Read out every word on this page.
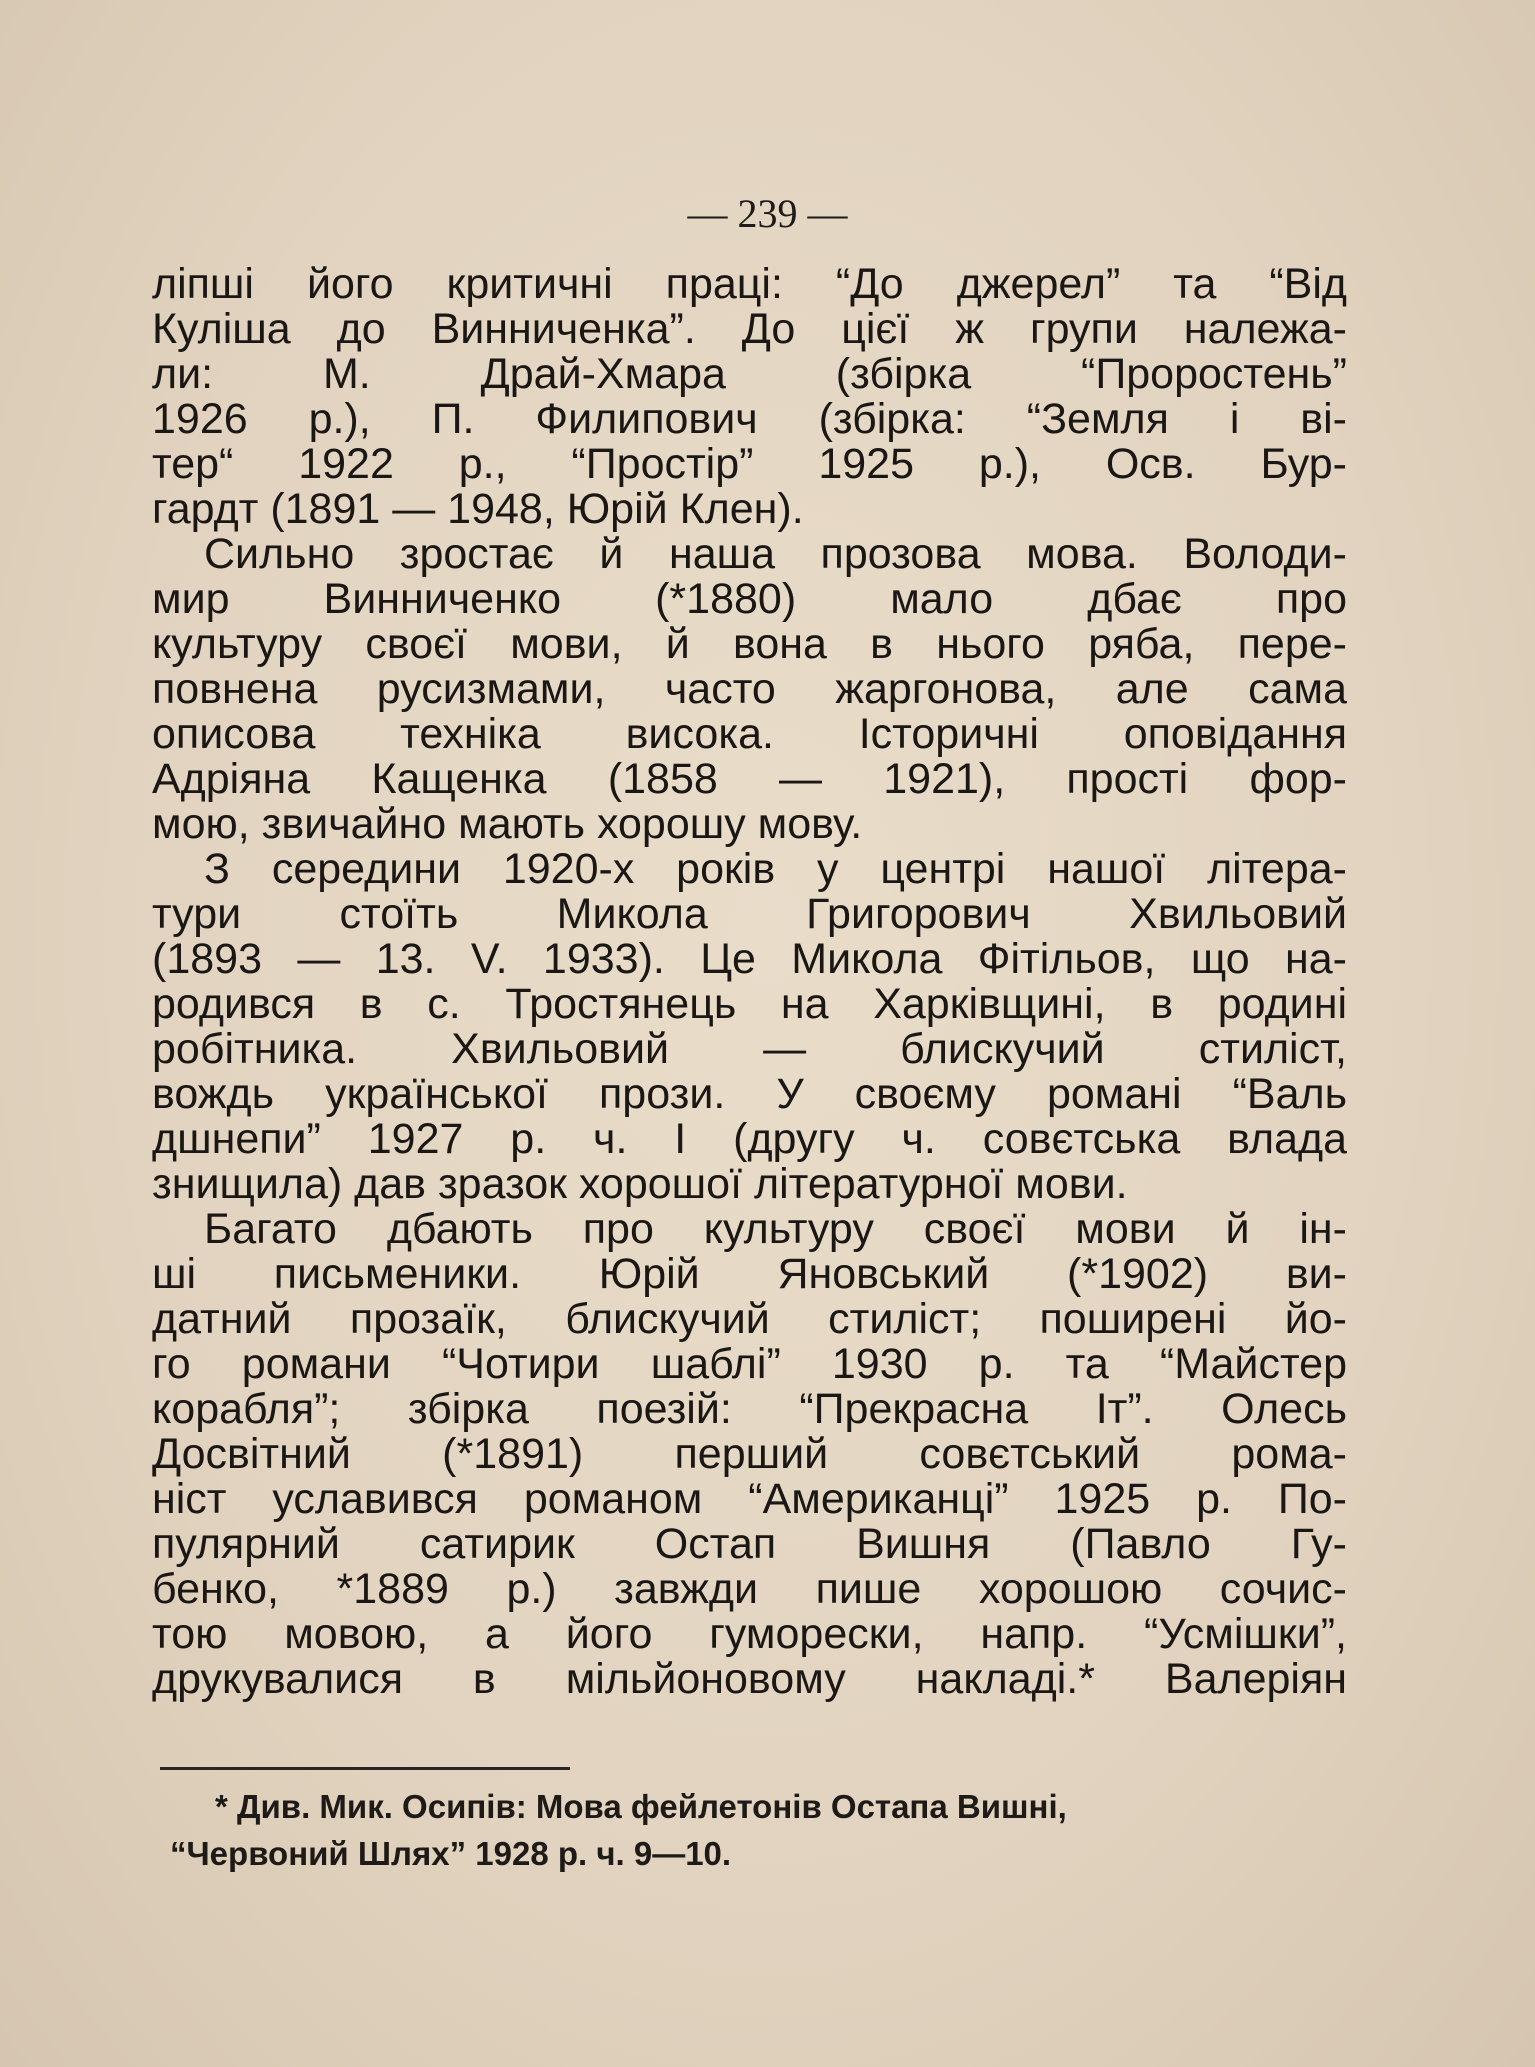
— 239 —
ліпші його критичні праці: “До джерел” та “Від
Куліша до Винниченка”. До цієї ж групи належа-
ли: М. Драй-Хмара (збірка “Проростень”
1926 р.), П. Филипович (збірка: “Земля і ві-
тер“ 1922 р., “Простір” 1925 р.), Осв. Бур-
гардт (1891 — 1948, Юрій Клен).
Сильно зростає й наша прозова мова. Володи-
мир Винниченко (*1880) мало дбає про
культуру своєї мови, й вона в нього ряба, пере-
повнена русизмами, часто жаргонова, але сама
описова техніка висока. Історичні оповідання
Адріяна Кащенка (1858 — 1921), прості фор-
мою, звичайно мають хорошу мову.
З середини 1920-х років у центрі нашої літера-
тури стоїть Микола Григорович Хвильовий
(1893 — 13. V. 1933). Це Микола Фітільов, що на-
родився в с. Тростянець на Харківщині, в родині
робітника. Хвильовий — блискучий стиліст,
вождь української прози. У своєму романі “Валь
дшнепи” 1927 р. ч. I (другу ч. совєтська влада
знищила) дав зразок хорошої літературної мови.
Багато дбають про культуру своєї мови й ін-
ші письменики. Юрій Яновський (*1902) ви-
датний прозаїк, блискучий стиліст; поширені йо-
го романи “Чотири шаблі” 1930 р. та “Майстер
корабля”; збірка поезій: “Прекрасна Іт”. Олесь
Досвітний (*1891) перший совєтський рома-
ніст уславився романом “Американці” 1925 р. По-
пулярний сатирик Остап Вишня (Павло Гу-
бенко, *1889 р.) завжди пише хорошою сочис-
тою мовою, а його гуморески, напр. “Усмішки”,
друкувалися в мільйоновому накладі.* Валеріян
* Див. Мик. Осипів: Мова фейлетонів Остапа Вишні,
“Червоний Шлях” 1928 р. ч. 9—10.
